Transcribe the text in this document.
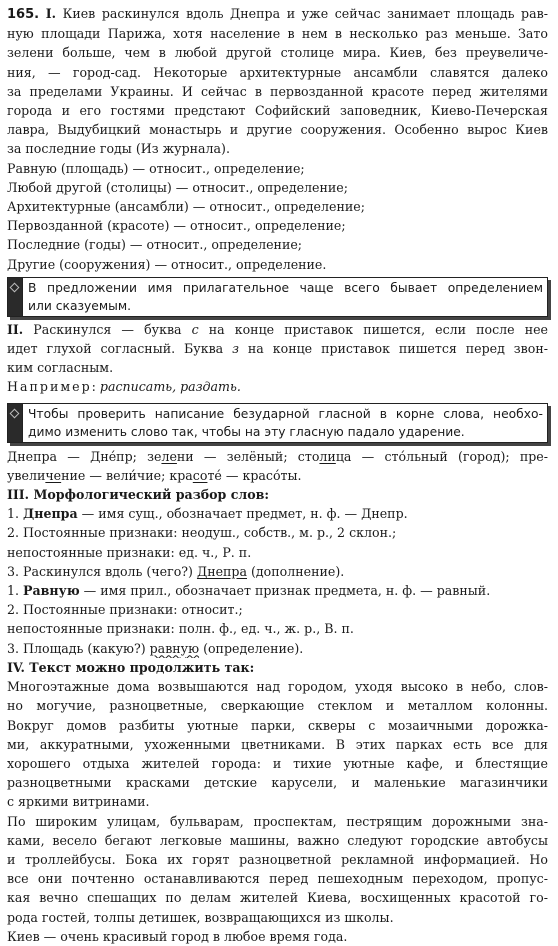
165. I. Киев раскинулся вдоль Днепра и уже сейчас занимает площадь рав-
ную площади Парижа, хотя население в нем в несколько раз меньше. Зато
зелени больше, чем в любой другой столице мира. Киев, без преувеличе-
ния, — город-сад. Некоторые архитектурные ансамбли славятся далеко
за пределами Украины. И сейчас в первозданной красоте перед жителями
города и его гостями предстают Софийский заповедник, Киево-Печерская
лавра, Выдубицкий монастырь и другие сооружения. Особенно вырос Киев
за последние годы (Из журнала).
Равную (площадь) — относит., определение;
Любой другой (столицы) — относит., определение;
Архитектурные (ансамбли) — относит., определение;
Первозданной (красоте) — относит., определение;
Последние (годы) — относит., определение;
Другие (сооружения) — относит., определение.
В предложении имя прилагательное чаще всего бывает определением
или сказуемым.
II. Раскинулся — буква с на конце приставок пишется, если после нее
идет глухой согласный. Буква з на конце приставок пишется перед звон-
ким согласным.
Например: расписать, раздать.
Чтобы проверить написание безударной гласной в корне слова, необхо-
димо изменить слово так, чтобы на эту гласную падало ударение.
Днепра — Дне́пр; зелени — зелёный; столица — сто́льный (город); пре-
увеличение — вели́чие; красоте́ — красо́ты.
III. Морфологический разбор слов:
1. Днепра — имя сущ., обозначает предмет, н. ф. — Днепр.
2. Постоянные признаки: неодуш., собств., м. р., 2 склон.;
непостоянные признаки: ед. ч., Р. п.
3. Раскинулся вдоль (чего?) Днепра (дополнение).
1. Равную — имя прил., обозначает признак предмета, н. ф. — равный.
2. Постоянные признаки: относит.;
непостоянные признаки: полн. ф., ед. ч., ж. р., В. п.
3. Площадь (какую?) равную (определение).
IV. Текст можно продолжить так:
Многоэтажные дома возвышаются над городом, уходя высоко в небо, слов-
но могучие, разноцветные, сверкающие стеклом и металлом колонны.
Вокруг домов разбиты уютные парки, скверы с мозаичными дорожка-
ми, аккуратными, ухоженными цветниками. В этих парках есть все для
хорошего отдыха жителей города: и тихие уютные кафе, и блестящие
разноцветными красками детские карусели, и маленькие магазинчики
с яркими витринами.
По широким улицам, бульварам, проспектам, пестрящим дорожными зна-
ками, весело бегают легковые машины, важно следуют городские автобусы
и троллейбусы. Бока их горят разноцветной рекламной информацией. Но
все они почтенно останавливаются перед пешеходным переходом, пропус-
кая вечно спешащих по делам жителей Киева, восхищенных красотой го-
рода гостей, толпы детишек, возвращающихся из школы.
Киев — очень красивый город в любое время года.
